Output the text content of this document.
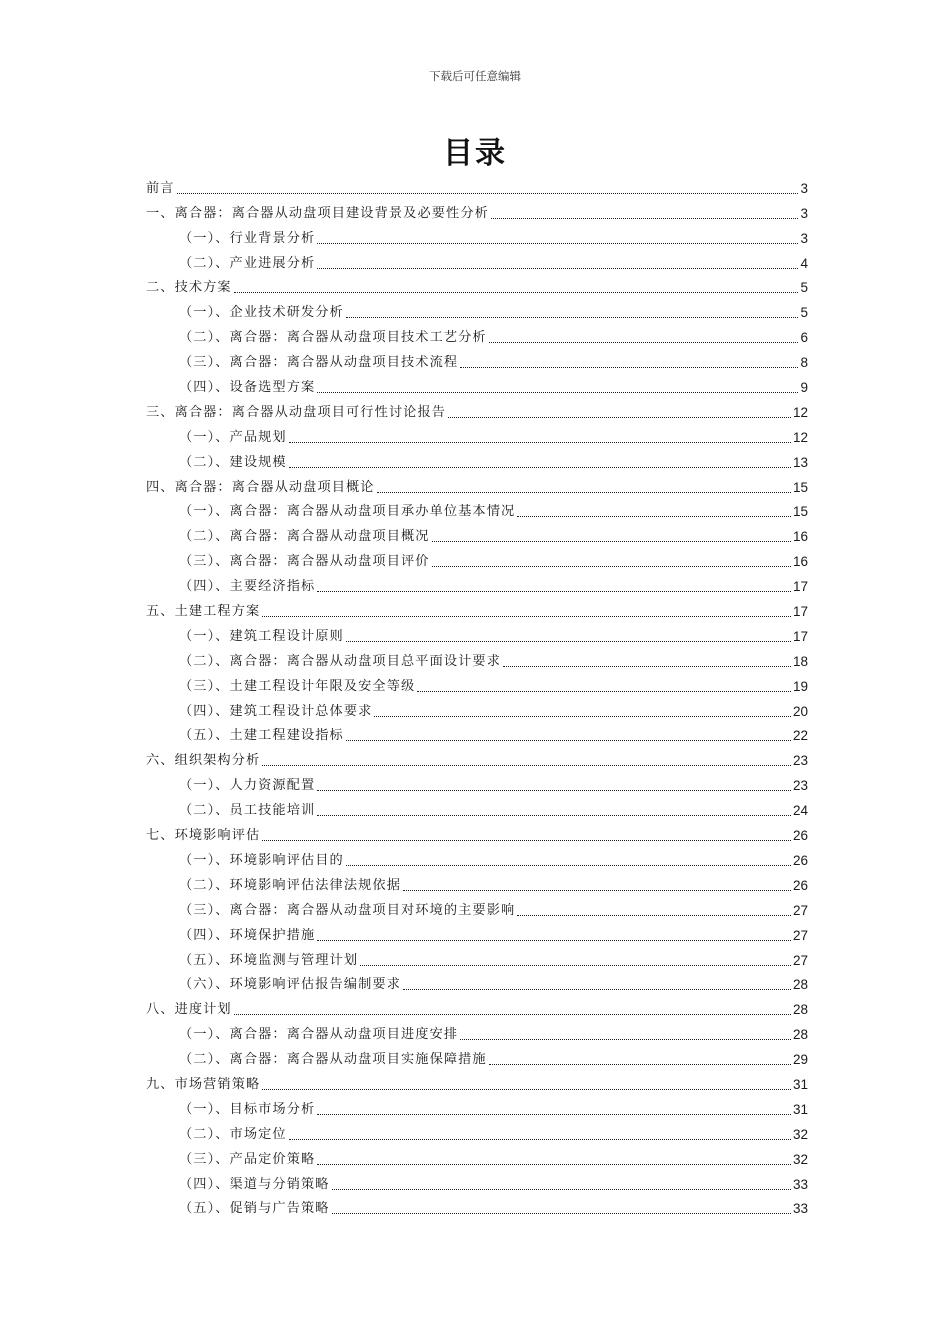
下载后可任意编辑
目录
前言	3
一、离合器：离合器从动盘项目建设背景及必要性分析	3
（一）、行业背景分析	3
（二）、产业进展分析	4
二、技术方案	5
（一）、企业技术研发分析	5
（二）、离合器：离合器从动盘项目技术工艺分析	6
（三）、离合器：离合器从动盘项目技术流程	8
（四）、设备选型方案	9
三、离合器：离合器从动盘项目可行性讨论报告	12
（一）、产品规划	12
（二）、建设规模	13
四、离合器：离合器从动盘项目概论	15
（一）、离合器：离合器从动盘项目承办单位基本情况	15
（二）、离合器：离合器从动盘项目概况	16
（三）、离合器：离合器从动盘项目评价	16
（四）、主要经济指标	17
五、土建工程方案	17
（一）、建筑工程设计原则	17
（二）、离合器：离合器从动盘项目总平面设计要求	18
（三）、土建工程设计年限及安全等级	19
（四）、建筑工程设计总体要求	20
（五）、土建工程建设指标	22
六、组织架构分析	23
（一）、人力资源配置	23
（二）、员工技能培训	24
七、环境影响评估	26
（一）、环境影响评估目的	26
（二）、环境影响评估法律法规依据	26
（三）、离合器：离合器从动盘项目对环境的主要影响	27
（四）、环境保护措施	27
（五）、环境监测与管理计划	27
（六）、环境影响评估报告编制要求	28
八、进度计划	28
（一）、离合器：离合器从动盘项目进度安排	28
（二）、离合器：离合器从动盘项目实施保障措施	29
九、市场营销策略	31
（一）、目标市场分析	31
（二）、市场定位	32
（三）、产品定价策略	32
（四）、渠道与分销策略	33
（五）、促销与广告策略	33
